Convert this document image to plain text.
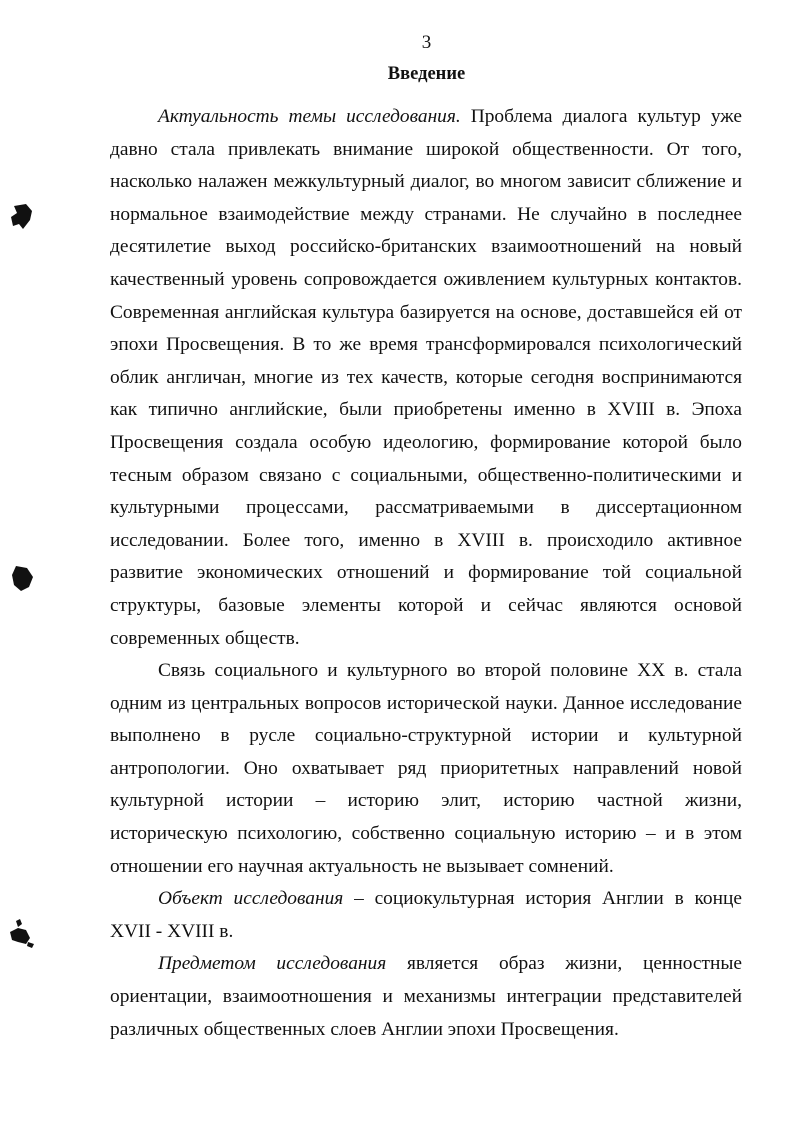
3
Введение

Актуальность темы исследования. Проблема диалога культур уже давно стала привлекать внимание широкой общественности. От того, насколько налажен межкультурный диалог, во многом зависит сближение и нормальное взаимодействие между странами. Не случайно в последнее десятилетие выход российско-британских взаимоотношений на новый качественный уровень сопровождается оживлением культурных контактов. Современная английская культура базируется на основе, доставшейся ей от эпохи Просвещения. В то же время трансформировался психологический облик англичан, многие из тех качеств, которые сегодня воспринимаются как типично английские, были приобретены именно в XVIII в. Эпоха Просвещения создала особую идеологию, формирование которой было тесным образом связано с социальными, общественно-политическими и культурными процессами, рассматриваемыми в диссертационном исследовании. Более того, именно в XVIII в. происходило активное развитие экономических отношений и формирование той социальной структуры, базовые элементы которой и сейчас являются основой современных обществ.

Связь социального и культурного во второй половине XX в. стала одним из центральных вопросов исторической науки. Данное исследование выполнено в русле социально-структурной истории и культурной антропологии. Оно охватывает ряд приоритетных направлений новой культурной истории – историю элит, историю частной жизни, историческую психологию, собственно социальную историю – и в этом отношении его научная актуальность не вызывает сомнений.

Объект исследования – социокультурная история Англии в конце XVII - XVIII в.

Предметом исследования является образ жизни, ценностные ориентации, взаимоотношения и механизмы интеграции представителей различных общественных слоев Англии эпохи Просвещения.
